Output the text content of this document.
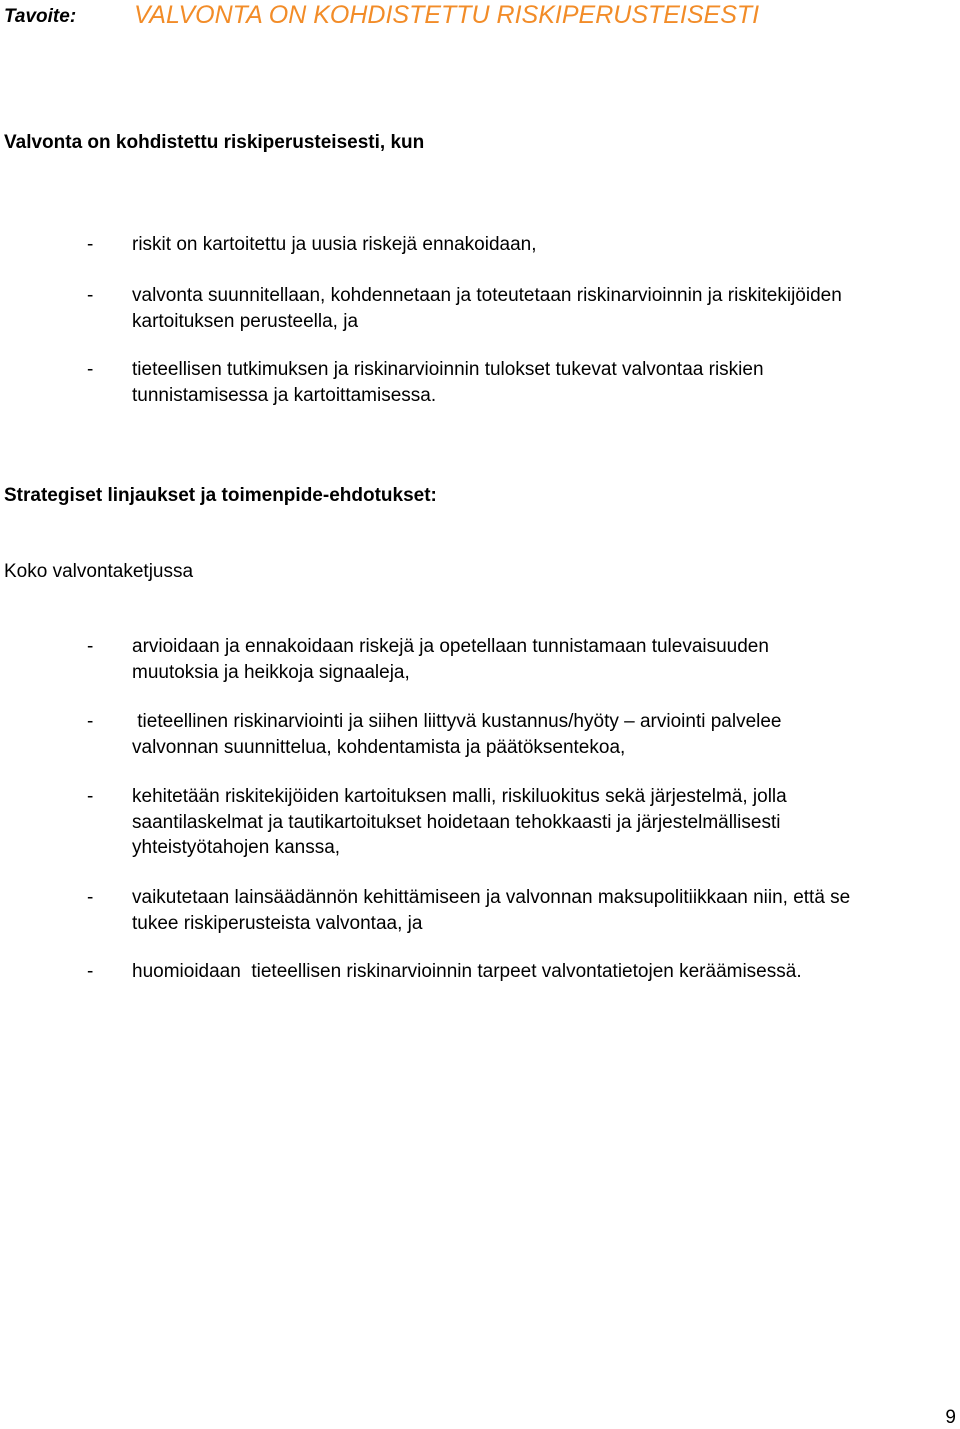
Tavoite: VALVONTA ON KOHDISTETTU RISKIPERUSTEISESTI
Valvonta on kohdistettu riskiperusteisesti, kun
- riskit on kartoitettu ja uusia riskejä ennakoidaan,
- valvonta suunnitellaan, kohdennetaan ja toteutetaan riskinarvioinnin ja riskitekijöiden
kartoituksen perusteella, ja
- tieteellisen tutkimuksen ja riskinarvioinnin tulokset tukevat valvontaa riskien
tunnistamisessa ja kartoittamisessa.
Strategiset linjaukset ja toimenpide-ehdotukset:
Koko valvontaketjussa
- arvioidaan ja ennakoidaan riskejä ja opetellaan tunnistamaan tulevaisuuden
muutoksia ja heikkoja signaaleja,
- tieteellinen riskinarviointi ja siihen liittyvä kustannus/hyöty – arviointi palvelee
valvonnan suunnittelua, kohdentamista ja päätöksentekoa,
- kehitetään riskitekijöiden kartoituksen malli, riskiluokitus sekä järjestelmä, jolla
saantilaskelmat ja tautikartoitukset hoidetaan tehokkaasti ja järjestelmällisesti
yhteistyötahojen kanssa,
- vaikutetaan lainsäädännön kehittämiseen ja valvonnan maksupolitiikkaan niin, että se
tukee riskiperusteista valvontaa, ja
- huomioidaan  tieteellisen riskinarvioinnin tarpeet valvontatietojen keräämisessä.
9
